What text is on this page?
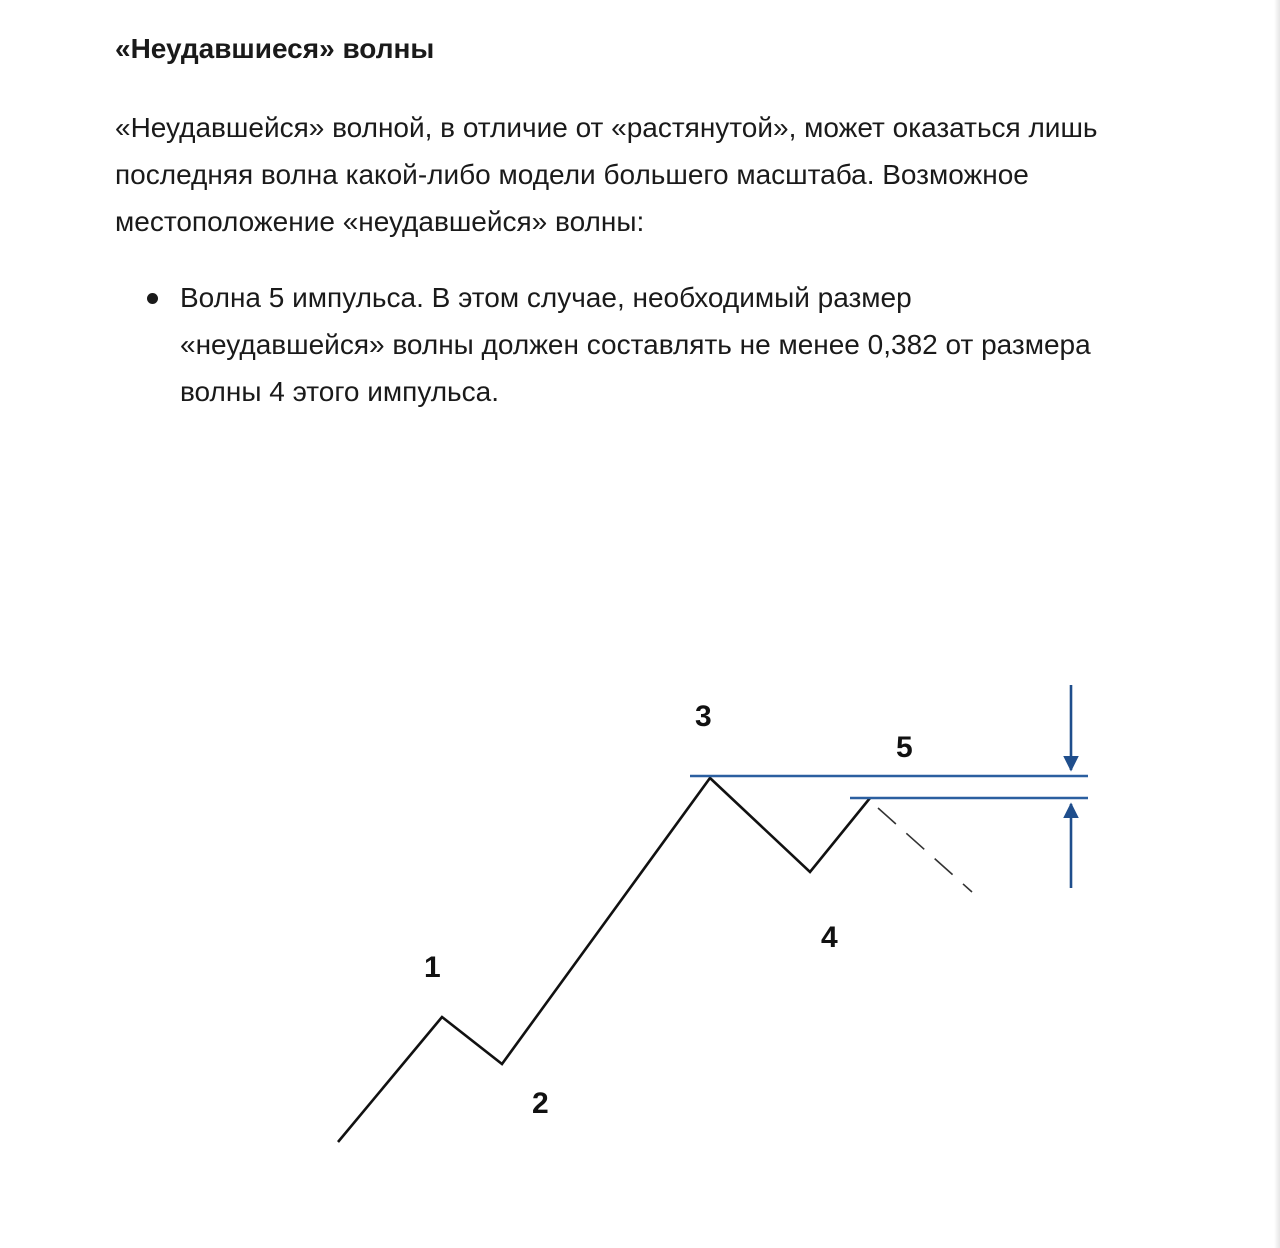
«Неудавшиеся» волны

«Неудавшейся» волной, в отличие от «растянутой», может оказаться лишь
последняя волна какой-либо модели большего масштаба. Возможное
местоположение «неудавшейся» волны:

Волна 5 импульса. В этом случае, необходимый размер
«неудавшейся» волны должен составлять не менее 0,382 от размера
волны 4 этого импульса.
1
2
3
4
5
